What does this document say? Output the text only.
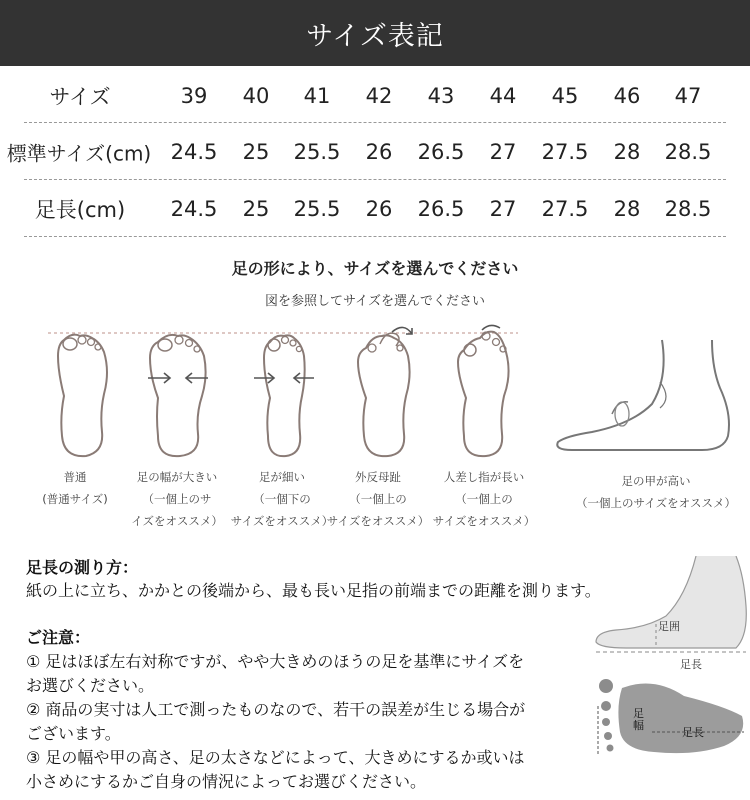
サイズ表記
サイズ	39	40	41	42	43	44	45	46	47
標準サイズ(cm) 24.5	25	25.5	26	26.5	27	27.5	28	28.5
足長(cm)	24.5	25	25.5	26	26.5	27	27.5	28	28.5
足の形により、サイズを選んでください
図を参照してサイズを選んでください
普通
(普通サイズ)
足の幅が大きい
（一個上のサ
イズをオススメ）
足が細い
（一個下の
サイズをオススメ）
外反母趾
（一個上の
サイズをオススメ）
人差し指が長い
（一個上の
サイズをオススメ）
足の甲が高い
（一個上のサイズをオススメ）
足囲
足長
足幅
足長
足長の測り方：
紙の上に立ち、かかとの後端から、最も長い足指の前端までの距離を測ります。
ご注意：
① 足はほぼ左右対称ですが、やや大きめのほうの足を基準にサイズを
お選びください。
② 商品の実寸は人工で測ったものなので、若干の誤差が生じる場合が
ございます。
③ 足の幅や甲の高さ、足の太さなどによって、大きめにするか或いは
小さめにするかご自身の情況によってお選びください。
